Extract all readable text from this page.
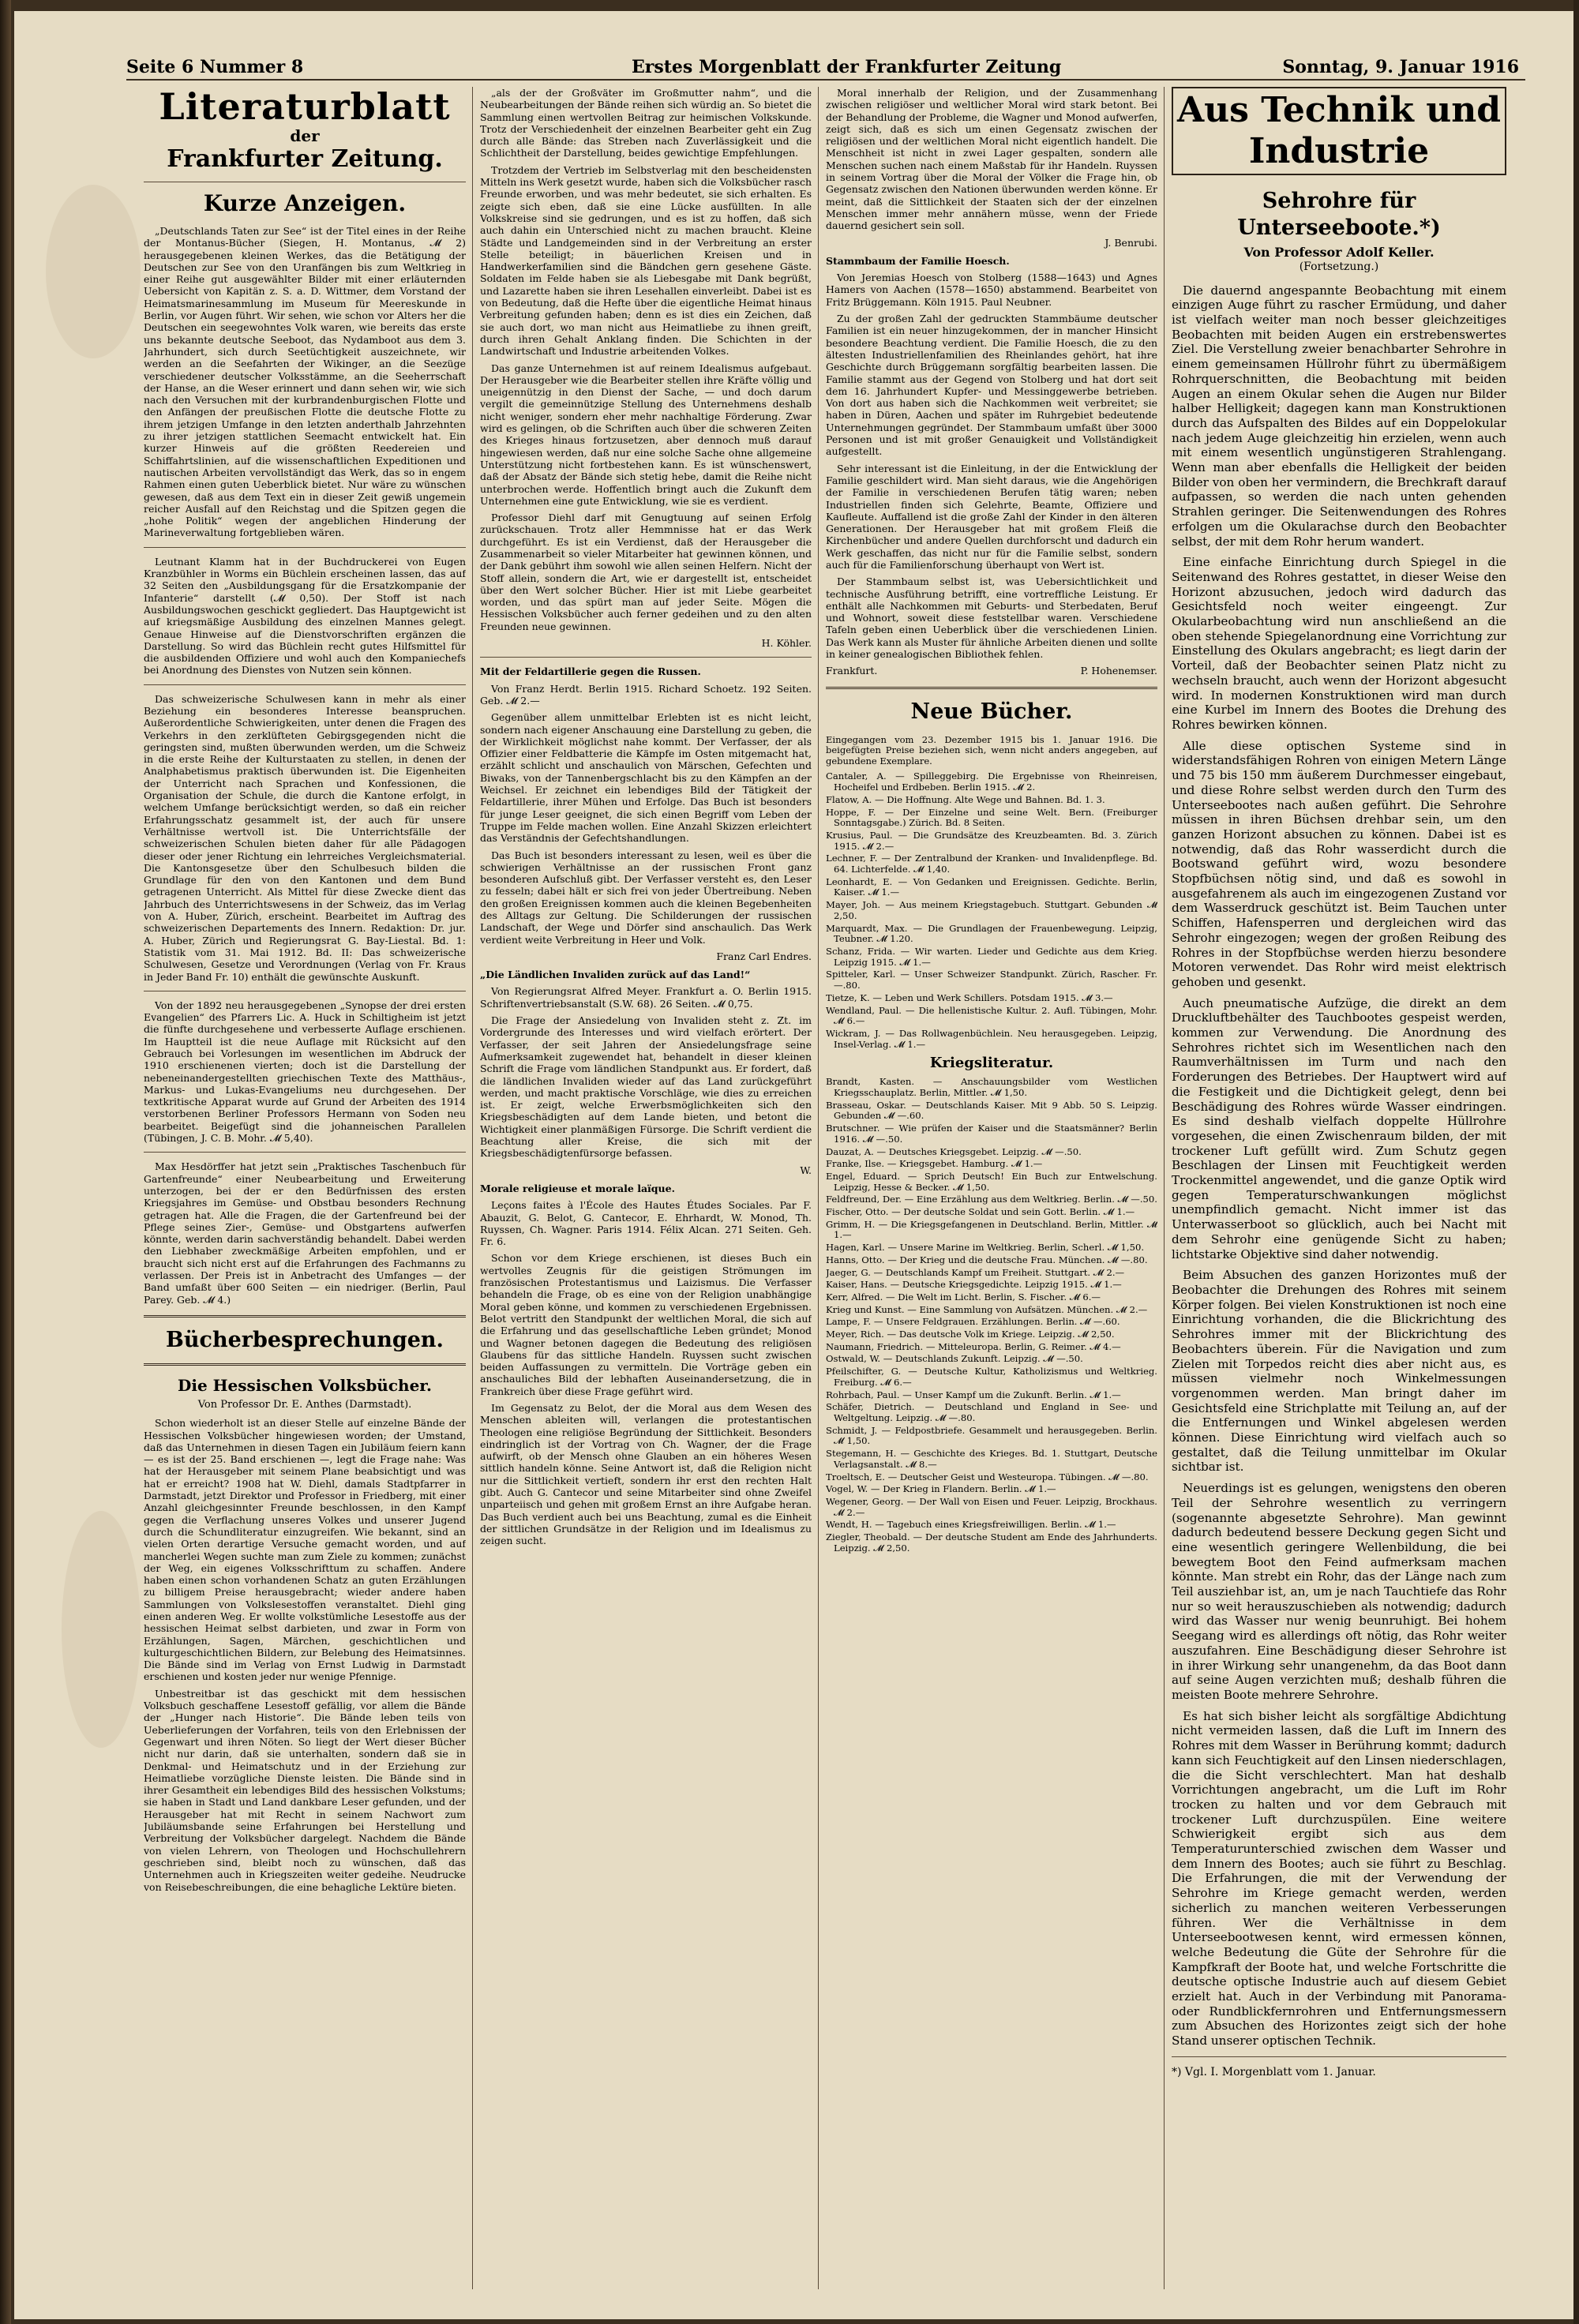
Seite 6 Nummer 8	Erstes Morgenblatt der Frankfurter Zeitung	Sonntag, 9. Januar 1916
Literaturblatt
der
Frankfurter Zeitung.
Kurze Anzeigen.

„Deutschlands Taten zur See“ ist der Titel eines in der Reihe der Montanus-Bücher (Siegen, H. Montanus, 𝓜 2) herausgegebenen kleinen Werkes, das die Betätigung der Deutschen zur See von den Uranfängen bis zum Weltkrieg in einer Reihe gut ausgewählter Bilder mit einer erläuternden Uebersicht von Kapitän z. S. a. D. Wittmer, dem Vorstand der Heimatsmarinesammlung im Museum für Meereskunde in Berlin, vor Augen führt. Wir sehen, wie schon vor Alters her die Deutschen ein seegewohntes Volk waren, wie bereits das erste uns bekannte deutsche Seeboot, das Nydamboot aus dem 3. Jahrhundert, sich durch Seetüchtigkeit auszeichnete, wir werden an die Seefahrten der Wikinger, an die Seezüge verschiedener deutscher Volksstämme, an die Seeherrschaft der Hanse, an die Weser erinnert und dann sehen wir, wie sich nach den Versuchen mit der kurbrandenburgischen Flotte und den Anfängen der preußischen Flotte die deutsche Flotte zu ihrem jetzigen Umfange in den letzten anderthalb Jahrzehnten zu ihrer jetzigen stattlichen Seemacht entwickelt hat. Ein kurzer Hinweis auf die größten Reedereien und Schiffahrtslinien, auf die wissenschaftlichen Expeditionen und nautischen Arbeiten vervollständigt das Werk, das so in engem Rahmen einen guten Ueberblick bietet. Nur wäre zu wünschen gewesen, daß aus dem Text ein in dieser Zeit gewiß ungemein reicher Ausfall auf den Reichstag und die Spitzen gegen die „hohe Politik“ wegen der angeblichen Hinderung der Marineverwaltung fortgeblieben wären.

Leutnant Klamm hat in der Buchdruckerei von Eugen Kranzbühler in Worms ein Büchlein erscheinen lassen, das auf 32 Seiten den „Ausbildungsgang für die Ersatzkompanie der Infanterie“ darstellt (𝓜 0,50). Der Stoff ist nach Ausbildungswochen geschickt gegliedert. Das Hauptgewicht ist auf kriegsmäßige Ausbildung des einzelnen Mannes gelegt. Genaue Hinweise auf die Dienstvorschriften ergänzen die Darstellung. So wird das Büchlein recht gutes Hilfsmittel für die ausbildenden Offiziere und wohl auch den Kompaniechefs bei Anordnung des Dienstes von Nutzen sein können.

Das schweizerische Schulwesen kann in mehr als einer Beziehung ein besonderes Interesse beanspruchen. Außerordentliche Schwierigkeiten, unter denen die Fragen des Verkehrs in den zerklüfteten Gebirgsgegenden nicht die geringsten sind, mußten überwunden werden, um die Schweiz in die erste Reihe der Kulturstaaten zu stellen, in denen der Analphabetismus praktisch überwunden ist. Die Eigenheiten der Unterricht nach Sprachen und Konfessionen, die Organisation der Schule, die durch die Kantone erfolgt, in welchem Umfange berücksichtigt werden, so daß ein reicher Erfahrungsschatz gesammelt ist, der auch für unsere Verhältnisse wertvoll ist. Die Unterrichtsfälle der schweizerischen Schulen bieten daher für alle Pädagogen dieser oder jener Richtung ein lehrreiches Vergleichsmaterial. Die Kantonsgesetze über den Schulbesuch bilden die Grundlage für den von den Kantonen und dem Bund getragenen Unterricht. Als Mittel für diese Zwecke dient das Jahrbuch des Unterrichtswesens in der Schweiz, das im Verlag von A. Huber, Zürich, erscheint. Bearbeitet im Auftrag des schweizerischen Departements des Innern. Redaktion: Dr. jur. A. Huber, Zürich und Regierungsrat G. Bay-Liestal. Bd. 1: Statistik vom 31. Mai 1912. Bd. II: Das schweizerische Schulwesen, Gesetze und Verordnungen (Verlag von Fr. Kraus in Jeder Band Fr. 10) enthält die gewünschte Auskunft.

Von der 1892 neu herausgegebenen „Synopse der drei ersten Evangelien“ des Pfarrers Lic. A. Huck in Schiltigheim ist jetzt die fünfte durchgesehene und verbesserte Auflage erschienen. Im Hauptteil ist die neue Auflage mit Rücksicht auf den Gebrauch bei Vorlesungen im wesentlichen im Abdruck der 1910 erschienenen vierten; doch ist die Darstellung der nebeneinandergestellten griechischen Texte des Matthäus-, Markus- und Lukas-Evangeliums neu durchgesehen. Der textkritische Apparat wurde auf Grund der Arbeiten des 1914 verstorbenen Berliner Professors Hermann von Soden neu bearbeitet. Beigefügt sind die johanneischen Parallelen (Tübingen, J. C. B. Mohr. 𝓜 5,40).

Max Hesdörffer hat jetzt sein „Praktisches Taschenbuch für Gartenfreunde“ einer Neubearbeitung und Erweiterung unterzogen, bei der er den Bedürfnissen des ersten Kriegsjahres im Gemüse- und Obstbau besonders Rechnung getragen hat. Alle die Fragen, die der Gartenfreund bei der Pflege seines Zier-, Gemüse- und Obstgartens aufwerfen könnte, werden darin sachverständig behandelt. Dabei werden den Liebhaber zweckmäßige Arbeiten empfohlen, und er braucht sich nicht erst auf die Erfahrungen des Fachmanns zu verlassen. Der Preis ist in Anbetracht des Umfanges — der Band umfaßt über 600 Seiten — ein niedriger. (Berlin, Paul Parey. Geb. 𝓜 4.)

Bücherbesprechungen.
Die Hessischen Volksbücher.
Von Professor Dr. E. Anthes (Darmstadt).

Schon wiederholt ist an dieser Stelle auf einzelne Bände der Hessischen Volksbücher hingewiesen worden; der Umstand, daß das Unternehmen in diesen Tagen ein Jubiläum feiern kann — es ist der 25. Band erschienen —, legt die Frage nahe: Was hat der Herausgeber mit seinem Plane beabsichtigt und was hat er erreicht? 1908 hat W. Diehl, damals Stadtpfarrer in Darmstadt, jetzt Direktor und Professor in Friedberg, mit einer Anzahl gleichgesinnter Freunde beschlossen, in den Kampf gegen die Verflachung unseres Volkes und unserer Jugend durch die Schundliteratur einzugreifen. Wie bekannt, sind an vielen Orten derartige Versuche gemacht worden, und auf mancherlei Wegen suchte man zum Ziele zu kommen; zunächst der Weg, ein eigenes Volksschrifttum zu schaffen. Andere haben einen schon vorhandenen Schatz an guten Erzählungen zu billigem Preise herausgebracht; wieder andere haben Sammlungen von Volkslesestoffen veranstaltet. Diehl ging einen anderen Weg. Er wollte volkstümliche Lesestoffe aus der hessischen Heimat selbst darbieten, und zwar in Form von Erzählungen, Sagen, Märchen, geschichtlichen und kulturgeschichtlichen Bildern, zur Belebung des Heimatsinnes. Die Bände sind im Verlag von Ernst Ludwig in Darmstadt erschienen und kosten jeder nur wenige Pfennige.

Unbestreitbar ist das geschickt mit dem hessischen Volksbuch geschaffene Lesestoff gefällig, vor allem die Bände der „Hunger nach Historie“. Die Bände leben teils von Ueberlieferungen der Vorfahren, teils von den Erlebnissen der Gegenwart und ihren Nöten. So liegt der Wert dieser Bücher nicht nur darin, daß sie unterhalten, sondern daß sie in Denkmal- und Heimatschutz und in der Erziehung zur Heimatliebe vorzügliche Dienste leisten. Die Bände sind in ihrer Gesamtheit ein lebendiges Bild des hessischen Volkstums; sie haben in Stadt und Land dankbare Leser gefunden, und der Herausgeber hat mit Recht in seinem Nachwort zum Jubiläumsbande seine Erfahrungen bei Herstellung und Verbreitung der Volksbücher dargelegt. Nachdem die Bände von vielen Lehrern, von Theologen und Hochschullehrern geschrieben sind, bleibt noch zu wünschen, daß das Unternehmen auch in Kriegszeiten weiter gedeihe. Neudrucke von Reisebeschreibungen, die eine behagliche Lektüre bieten.

„als der der Großväter im Großmutter nahm“, und die Neubearbeitungen der Bände reihen sich würdig an. So bietet die Sammlung einen wertvollen Beitrag zur heimischen Volkskunde. Trotz der Verschiedenheit der einzelnen Bearbeiter geht ein Zug durch alle Bände: das Streben nach Zuverlässigkeit und die Schlichtheit der Darstellung, beides gewichtige Empfehlungen.

Trotzdem der Vertrieb im Selbstverlag mit den bescheidensten Mitteln ins Werk gesetzt wurde, haben sich die Volksbücher rasch Freunde erworben, und was mehr bedeutet, sie sich erhalten. Es zeigte sich eben, daß sie eine Lücke ausfüllten. In alle Volkskreise sind sie gedrungen, und es ist zu hoffen, daß sich auch dahin ein Unterschied nicht zu machen braucht. Kleine Städte und Landgemeinden sind in der Verbreitung an erster Stelle beteiligt; in bäuerlichen Kreisen und in Handwerkerfamilien sind die Bändchen gern gesehene Gäste. Soldaten im Felde haben sie als Liebesgabe mit Dank begrüßt, und Lazarette haben sie ihren Lesehallen einverleibt. Dabei ist es von Bedeutung, daß die Hefte über die eigentliche Heimat hinaus Verbreitung gefunden haben; denn es ist dies ein Zeichen, daß sie auch dort, wo man nicht aus Heimatliebe zu ihnen greift, durch ihren Gehalt Anklang finden. Die Schichten in der Landwirtschaft und Industrie arbeitenden Volkes.

Das ganze Unternehmen ist auf reinem Idealismus aufgebaut. Der Herausgeber wie die Bearbeiter stellen ihre Kräfte völlig und uneigennützig in den Dienst der Sache, — und doch darum vergilt die gemeinnützige Stellung des Unternehmens deshalb nicht weniger, sondern eher mehr nachhaltige Förderung. Zwar wird es gelingen, ob die Schriften auch über die schweren Zeiten des Krieges hinaus fortzusetzen, aber dennoch muß darauf hingewiesen werden, daß nur eine solche Sache ohne allgemeine Unterstützung nicht fortbestehen kann. Es ist wünschenswert, daß der Absatz der Bände sich stetig hebe, damit die Reihe nicht unterbrochen werde. Hoffentlich bringt auch die Zukunft dem Unternehmen eine gute Entwicklung, wie sie es verdient.

Professor Diehl darf mit Genugtuung auf seinen Erfolg zurückschauen. Trotz aller Hemmnisse hat er das Werk durchgeführt. Es ist ein Verdienst, daß der Herausgeber die Zusammenarbeit so vieler Mitarbeiter hat gewinnen können, und der Dank gebührt ihm sowohl wie allen seinen Helfern. Nicht der Stoff allein, sondern die Art, wie er dargestellt ist, entscheidet über den Wert solcher Bücher. Hier ist mit Liebe gearbeitet worden, und das spürt man auf jeder Seite. Mögen die Hessischen Volksbücher auch ferner gedeihen und zu den alten Freunden neue gewinnen.

H. Köhler.

Mit der Feldartillerie gegen die Russen.

Von Franz Herdt. Berlin 1915. Richard Schoetz. 192 Seiten. Geb. 𝓜 2.—

Gegenüber allem unmittelbar Erlebten ist es nicht leicht, sondern nach eigener Anschauung eine Darstellung zu geben, die der Wirklichkeit möglichst nahe kommt. Der Verfasser, der als Offizier einer Feldbatterie die Kämpfe im Osten mitgemacht hat, erzählt schlicht und anschaulich von Märschen, Gefechten und Biwaks, von der Tannenbergschlacht bis zu den Kämpfen an der Weichsel. Er zeichnet ein lebendiges Bild der Tätigkeit der Feldartillerie, ihrer Mühen und Erfolge. Das Buch ist besonders für junge Leser geeignet, die sich einen Begriff vom Leben der Truppe im Felde machen wollen. Eine Anzahl Skizzen erleichtert das Verständnis der Gefechtshandlungen.

Das Buch ist besonders interessant zu lesen, weil es über die schwierigen Verhältnisse an der russischen Front ganz besonderen Aufschluß gibt. Der Verfasser versteht es, den Leser zu fesseln; dabei hält er sich frei von jeder Übertreibung. Neben den großen Ereignissen kommen auch die kleinen Begebenheiten des Alltags zur Geltung. Die Schilderungen der russischen Landschaft, der Wege und Dörfer sind anschaulich. Das Werk verdient weite Verbreitung in Heer und Volk.

Franz Carl Endres.

„Die Ländlichen Invaliden zurück auf das Land!“

Von Regierungsrat Alfred Meyer. Frankfurt a. O. Berlin 1915. Schriftenvertriebsanstalt (S.W. 68). 26 Seiten. 𝓜 0,75.

Die Frage der Ansiedelung von Invaliden steht z. Zt. im Vordergrunde des Interesses und wird vielfach erörtert. Der Verfasser, der seit Jahren der Ansiedelungsfrage seine Aufmerksamkeit zugewendet hat, behandelt in dieser kleinen Schrift die Frage vom ländlichen Standpunkt aus. Er fordert, daß die ländlichen Invaliden wieder auf das Land zurückgeführt werden, und macht praktische Vorschläge, wie dies zu erreichen ist. Er zeigt, welche Erwerbsmöglichkeiten sich den Kriegsbeschädigten auf dem Lande bieten, und betont die Wichtigkeit einer planmäßigen Fürsorge. Die Schrift verdient die Beachtung aller Kreise, die sich mit der Kriegsbeschädigtenfürsorge befassen.

W.

Morale religieuse et morale laïque.

Leçons faites à l'École des Hautes Études Sociales. Par F. Abauzit, G. Belot, G. Cantecor, E. Ehrhardt, W. Monod, Th. Ruyssen, Ch. Wagner. Paris 1914. Félix Alcan. 271 Seiten. Geh. Fr. 6.

Schon vor dem Kriege erschienen, ist dieses Buch ein wertvolles Zeugnis für die geistigen Strömungen im französischen Protestantismus und Laizismus. Die Verfasser behandeln die Frage, ob es eine von der Religion unabhängige Moral geben könne, und kommen zu verschiedenen Ergebnissen. Belot vertritt den Standpunkt der weltlichen Moral, die sich auf die Erfahrung und das gesellschaftliche Leben gründet; Monod und Wagner betonen dagegen die Bedeutung des religiösen Glaubens für das sittliche Handeln. Ruyssen sucht zwischen beiden Auffassungen zu vermitteln. Die Vorträge geben ein anschauliches Bild der lebhaften Auseinandersetzung, die in Frankreich über diese Frage geführt wird.

Im Gegensatz zu Belot, der die Moral aus dem Wesen des Menschen ableiten will, verlangen die protestantischen Theologen eine religiöse Begründung der Sittlichkeit. Besonders eindringlich ist der Vortrag von Ch. Wagner, der die Frage aufwirft, ob der Mensch ohne Glauben an ein höheres Wesen sittlich handeln könne. Seine Antwort ist, daß die Religion nicht nur die Sittlichkeit vertieft, sondern ihr erst den rechten Halt gibt. Auch G. Cantecor und seine Mitarbeiter sind ohne Zweifel unparteiisch und gehen mit großem Ernst an ihre Aufgabe heran. Das Buch verdient auch bei uns Beachtung, zumal es die Einheit der sittlichen Grundsätze in der Religion und im Idealismus zu zeigen sucht.

Moral innerhalb der Religion, und der Zusammenhang zwischen religiöser und weltlicher Moral wird stark betont. Bei der Behandlung der Probleme, die Wagner und Monod aufwerfen, zeigt sich, daß es sich um einen Gegensatz zwischen der religiösen und der weltlichen Moral nicht eigentlich handelt. Die Menschheit ist nicht in zwei Lager gespalten, sondern alle Menschen suchen nach einem Maßstab für ihr Handeln. Ruyssen in seinem Vortrag über die Moral der Völker die Frage hin, ob Gegensatz zwischen den Nationen überwunden werden könne. Er meint, daß die Sittlichkeit der Staaten sich der der einzelnen Menschen immer mehr annähern müsse, wenn der Friede dauernd gesichert sein soll.

J. Benrubi.

Stammbaum der Familie Hoesch.

Von Jeremias Hoesch von Stolberg (1588—1643) und Agnes Hamers von Aachen (1578—1650) abstammend. Bearbeitet von Fritz Brüggemann. Köln 1915. Paul Neubner.

Zu der großen Zahl der gedruckten Stammbäume deutscher Familien ist ein neuer hinzugekommen, der in mancher Hinsicht besondere Beachtung verdient. Die Familie Hoesch, die zu den ältesten Industriellenfamilien des Rheinlandes gehört, hat ihre Geschichte durch Brüggemann sorgfältig bearbeiten lassen. Die Familie stammt aus der Gegend von Stolberg und hat dort seit dem 16. Jahrhundert Kupfer- und Messinggewerbe betrieben. Von dort aus haben sich die Nachkommen weit verbreitet; sie haben in Düren, Aachen und später im Ruhrgebiet bedeutende Unternehmungen gegründet. Der Stammbaum umfaßt über 3000 Personen und ist mit großer Genauigkeit und Vollständigkeit aufgestellt.

Sehr interessant ist die Einleitung, in der die Entwicklung der Familie geschildert wird. Man sieht daraus, wie die Angehörigen der Familie in verschiedenen Berufen tätig waren; neben Industriellen finden sich Gelehrte, Beamte, Offiziere und Kaufleute. Auffallend ist die große Zahl der Kinder in den älteren Generationen. Der Herausgeber hat mit großem Fleiß die Kirchenbücher und andere Quellen durchforscht und dadurch ein Werk geschaffen, das nicht nur für die Familie selbst, sondern auch für die Familienforschung überhaupt von Wert ist.

Der Stammbaum selbst ist, was Uebersichtlichkeit und technische Ausführung betrifft, eine vortreffliche Leistung. Er enthält alle Nachkommen mit Geburts- und Sterbedaten, Beruf und Wohnort, soweit diese feststellbar waren. Verschiedene Tafeln geben einen Ueberblick über die verschiedenen Linien. Das Werk kann als Muster für ähnliche Arbeiten dienen und sollte in keiner genealogischen Bibliothek fehlen.

Frankfurt.	P. Hohenemser.
Neue Bücher.

Eingegangen vom 23. Dezember 1915 bis 1. Januar 1916. Die beigefügten Preise beziehen sich, wenn nicht anders angegeben, auf gebundene Exemplare.

Cantaler, A. — Spilleggebirg. Die Ergebnisse von Rheinreisen, Hocheifel und Erdbeben. Berlin 1915. 𝓜 2.
Flatow, A. — Die Hoffnung. Alte Wege und Bahnen. Bd. 1. 3.
Hoppe, F. — Der Einzelne und seine Welt. Bern. (Freiburger Sonntagsgabe.) Zürich. Bd. 8 Seiten.
Krusius, Paul. — Die Grundsätze des Kreuzbeamten. Bd. 3. Zürich 1915. 𝓜 2.—
Lechner, F. — Der Zentralbund der Kranken- und Invalidenpflege. Bd. 64. Lichterfelde. 𝓜 1,40.
Leonhardt, E. — Von Gedanken und Ereignissen. Gedichte. Berlin, Kaiser. 𝓜 1.—
Mayer, Joh. — Aus meinem Kriegstagebuch. Stuttgart. Gebunden 𝓜 2,50.
Marquardt, Max. — Die Grundlagen der Frauenbewegung. Leipzig, Teubner. 𝓜 1.20.
Schanz, Frida. — Wir warten. Lieder und Gedichte aus dem Krieg. Leipzig 1915. 𝓜 1.—
Spitteler, Karl. — Unser Schweizer Standpunkt. Zürich, Rascher. Fr. —.80.
Tietze, K. — Leben und Werk Schillers. Potsdam 1915. 𝓜 3.—
Wendland, Paul. — Die hellenistische Kultur. 2. Aufl. Tübingen, Mohr. 𝓜 6.—
Wickram, J. — Das Rollwagenbüchlein. Neu herausgegeben. Leipzig, Insel-Verlag. 𝓜 1.—
Kriegsliteratur.
Brandt, Kasten. — Anschauungsbilder vom Westlichen Kriegsschauplatz. Berlin, Mittler. 𝓜 1,50.
Brasseau, Oskar. — Deutschlands Kaiser. Mit 9 Abb. 50 S. Leipzig. Gebunden 𝓜 —.60.
Brutschner. — Wie prüfen der Kaiser und die Staatsmänner? Berlin 1916. 𝓜 —.50.
Dauzat, A. — Deutsches Kriegsgebet. Leipzig. 𝓜 —.50.
Franke, Ilse. — Kriegsgebet. Hamburg. 𝓜 1.—
Engel, Eduard. — Sprich Deutsch! Ein Buch zur Entwelschung. Leipzig, Hesse & Becker. 𝓜 1,50.
Feldfreund, Der. — Eine Erzählung aus dem Weltkrieg. Berlin. 𝓜 —.50.
Fischer, Otto. — Der deutsche Soldat und sein Gott. Berlin. 𝓜 1.—
Grimm, H. — Die Kriegsgefangenen in Deutschland. Berlin, Mittler. 𝓜 1.—
Hagen, Karl. — Unsere Marine im Weltkrieg. Berlin, Scherl. 𝓜 1,50.
Hanns, Otto. — Der Krieg und die deutsche Frau. München. 𝓜 —.80.
Jaeger, G. — Deutschlands Kampf um Freiheit. Stuttgart. 𝓜 2.—
Kaiser, Hans. — Deutsche Kriegsgedichte. Leipzig 1915. 𝓜 1.—
Kerr, Alfred. — Die Welt im Licht. Berlin, S. Fischer. 𝓜 6.—
Krieg und Kunst. — Eine Sammlung von Aufsätzen. München. 𝓜 2.—
Lampe, F. — Unsere Feldgrauen. Erzählungen. Berlin. 𝓜 —.60.
Meyer, Rich. — Das deutsche Volk im Kriege. Leipzig. 𝓜 2,50.
Naumann, Friedrich. — Mitteleuropa. Berlin, G. Reimer. 𝓜 4.—
Ostwald, W. — Deutschlands Zukunft. Leipzig. 𝓜 —.50.
Pfeilschifter, G. — Deutsche Kultur, Katholizismus und Weltkrieg. Freiburg. 𝓜 6.—
Rohrbach, Paul. — Unser Kampf um die Zukunft. Berlin. 𝓜 1.—
Schäfer, Dietrich. — Deutschland und England in See- und Weltgeltung. Leipzig. 𝓜 —.80.
Schmidt, J. — Feldpostbriefe. Gesammelt und herausgegeben. Berlin. 𝓜 1,50.
Stegemann, H. — Geschichte des Krieges. Bd. 1. Stuttgart, Deutsche Verlagsanstalt. 𝓜 8.—
Troeltsch, E. — Deutscher Geist und Westeuropa. Tübingen. 𝓜 —.80.
Vogel, W. — Der Krieg in Flandern. Berlin. 𝓜 1.—
Wegener, Georg. — Der Wall von Eisen und Feuer. Leipzig, Brockhaus. 𝓜 2.—
Wendt, H. — Tagebuch eines Kriegsfreiwilligen. Berlin. 𝓜 1.—
Ziegler, Theobald. — Der deutsche Student am Ende des Jahrhunderts. Leipzig. 𝓜 2,50.
Aus Technik und Industrie
Sehrohre für Unterseeboote.*)
Von Professor Adolf Keller.
(Fortsetzung.)

Die dauernd angespannte Beobachtung mit einem einzigen Auge führt zu rascher Ermüdung, und daher ist vielfach weiter man noch besser gleichzeitiges Beobachten mit beiden Augen ein erstrebenswertes Ziel. Die Verstellung zweier benachbarter Sehrohre in einem gemeinsamen Hüllrohr führt zu übermäßigem Rohrquerschnitten, die Beobachtung mit beiden Augen an einem Okular sehen die Augen nur Bilder halber Helligkeit; dagegen kann man Konstruktionen durch das Aufspalten des Bildes auf ein Doppelokular nach jedem Auge gleichzeitig hin erzielen, wenn auch mit einem wesentlich ungünstigeren Strahlengang. Wenn man aber ebenfalls die Helligkeit der beiden Bilder von oben her vermindern, die Brechkraft darauf aufpassen, so werden die nach unten gehenden Strahlen geringer. Die Seitenwendungen des Rohres erfolgen um die Okularachse durch den Beobachter selbst, der mit dem Rohr herum wandert.

Eine einfache Einrichtung durch Spiegel in die Seitenwand des Rohres gestattet, in dieser Weise den Horizont abzusuchen, jedoch wird dadurch das Gesichtsfeld noch weiter eingeengt. Zur Okularbeobachtung wird nun anschließend an die oben stehende Spiegelanordnung eine Vorrichtung zur Einstellung des Okulars angebracht; es liegt darin der Vorteil, daß der Beobachter seinen Platz nicht zu wechseln braucht, auch wenn der Horizont abgesucht wird. In modernen Konstruktionen wird man durch eine Kurbel im Innern des Bootes die Drehung des Rohres bewirken können.

Alle diese optischen Systeme sind in widerstandsfähigen Rohren von einigen Metern Länge und 75 bis 150 mm äußerem Durchmesser eingebaut, und diese Rohre selbst werden durch den Turm des Unterseebootes nach außen geführt. Die Sehrohre müssen in ihren Büchsen drehbar sein, um den ganzen Horizont absuchen zu können. Dabei ist es notwendig, daß das Rohr wasserdicht durch die Bootswand geführt wird, wozu besondere Stopfbüchsen nötig sind, und daß es sowohl in ausgefahrenem als auch im eingezogenen Zustand vor dem Wasserdruck geschützt ist. Beim Tauchen unter Schiffen, Hafensperren und dergleichen wird das Sehrohr eingezogen; wegen der großen Reibung des Rohres in der Stopfbüchse werden hierzu besondere Motoren verwendet. Das Rohr wird meist elektrisch gehoben und gesenkt.

Auch pneumatische Aufzüge, die direkt an dem Druckluftbehälter des Tauchbootes gespeist werden, kommen zur Verwendung. Die Anordnung des Sehrohres richtet sich im Wesentlichen nach den Raumverhältnissen im Turm und nach den Forderungen des Betriebes. Der Hauptwert wird auf die Festigkeit und die Dichtigkeit gelegt, denn bei Beschädigung des Rohres würde Wasser eindringen. Es sind deshalb vielfach doppelte Hüllrohre vorgesehen, die einen Zwischenraum bilden, der mit trockener Luft gefüllt wird. Zum Schutz gegen Beschlagen der Linsen mit Feuchtigkeit werden Trockenmittel angewendet, und die ganze Optik wird gegen Temperaturschwankungen möglichst unempfindlich gemacht. Nicht immer ist das Unterwasserboot so glücklich, auch bei Nacht mit dem Sehrohr eine genügende Sicht zu haben; lichtstarke Objektive sind daher notwendig.

Beim Absuchen des ganzen Horizontes muß der Beobachter die Drehungen des Rohres mit seinem Körper folgen. Bei vielen Konstruktionen ist noch eine Einrichtung vorhanden, die die Blickrichtung des Sehrohres immer mit der Blickrichtung des Beobachters überein. Für die Navigation und zum Zielen mit Torpedos reicht dies aber nicht aus, es müssen vielmehr noch Winkelmessungen vorgenommen werden. Man bringt daher im Gesichtsfeld eine Strichplatte mit Teilung an, auf der die Entfernungen und Winkel abgelesen werden können. Diese Einrichtung wird vielfach auch so gestaltet, daß die Teilung unmittelbar im Okular sichtbar ist.

Neuerdings ist es gelungen, wenigstens den oberen Teil der Sehrohre wesentlich zu verringern (sogenannte abgesetzte Sehrohre). Man gewinnt dadurch bedeutend bessere Deckung gegen Sicht und eine wesentlich geringere Wellenbildung, die bei bewegtem Boot den Feind aufmerksam machen könnte. Man strebt ein Rohr, das der Länge nach zum Teil ausziehbar ist, an, um je nach Tauchtiefe das Rohr nur so weit herauszuschieben als notwendig; dadurch wird das Wasser nur wenig beunruhigt. Bei hohem Seegang wird es allerdings oft nötig, das Rohr weiter auszufahren. Eine Beschädigung dieser Sehrohre ist in ihrer Wirkung sehr unangenehm, da das Boot dann auf seine Augen verzichten muß; deshalb führen die meisten Boote mehrere Sehrohre.

Es hat sich bisher leicht als sorgfältige Abdichtung nicht vermeiden lassen, daß die Luft im Innern des Rohres mit dem Wasser in Berührung kommt; dadurch kann sich Feuchtigkeit auf den Linsen niederschlagen, die die Sicht verschlechtert. Man hat deshalb Vorrichtungen angebracht, um die Luft im Rohr trocken zu halten und vor dem Gebrauch mit trockener Luft durchzuspülen. Eine weitere Schwierigkeit ergibt sich aus dem Temperaturunterschied zwischen dem Wasser und dem Innern des Bootes; auch sie führt zu Beschlag. Die Erfahrungen, die mit der Verwendung der Sehrohre im Kriege gemacht werden, werden sicherlich zu manchen weiteren Verbesserungen führen. Wer die Verhältnisse in dem Unterseebootwesen kennt, wird ermessen können, welche Bedeutung die Güte der Sehrohre für die Kampfkraft der Boote hat, und welche Fortschritte die deutsche optische Industrie auch auf diesem Gebiet erzielt hat. Auch in der Verbindung mit Panorama- oder Rundblickfernrohren und Entfernungsmessern zum Absuchen des Horizontes zeigt sich der hohe Stand unserer optischen Technik.

*) Vgl. I. Morgenblatt vom 1. Januar.
